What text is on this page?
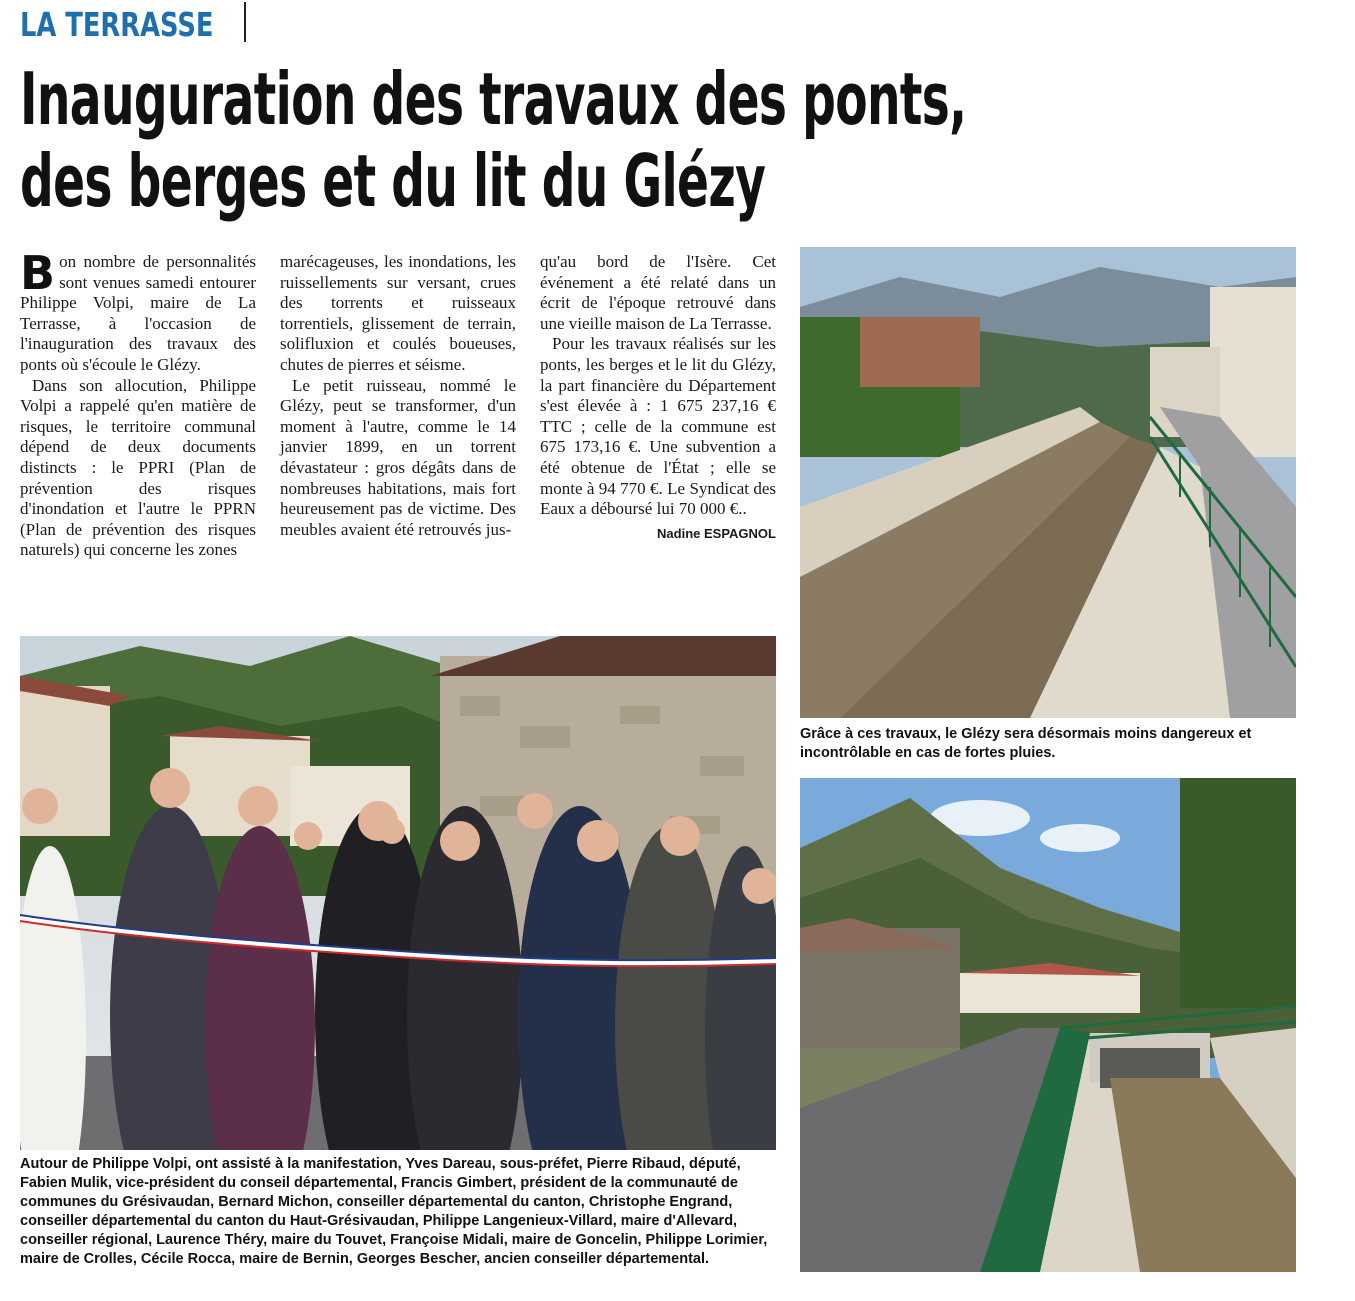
LA TERRASSE
Inauguration des travaux des ponts,
des berges et du lit du Glézy

Bon nombre de personnalités sont venues samedi entourer Philippe Volpi, maire de La Terrasse, à l'occasion de l'inauguration des travaux des ponts où s'écoule le Glézy.

Dans son allocution, Philippe Volpi a rappelé qu'en matière de risques, le territoire communal dépend de deux documents distincts : le PPRI (Plan de prévention des risques d'inondation et l'autre le PPRN (Plan de prévention des risques naturels) qui concerne les zones

marécageuses, les inondations, les ruissellements sur versant, crues des torrents et ruisseaux torrentiels, glissement de terrain, solifluxion et coulés boueuses, chutes de pierres et séisme.

Le petit ruisseau, nommé le Glézy, peut se transformer, d'un moment à l'autre, comme le 14 janvier 1899, en un torrent dévastateur : gros dégâts dans de nombreuses habitations, mais fort heureusement pas de victime. Des meubles avaient été retrouvés jus-

qu'au bord de l'Isère. Cet événement a été relaté dans un écrit de l'époque retrouvé dans une vieille maison de La Terrasse.

Pour les travaux réalisés sur les ponts, les berges et le lit du Glézy, la part financière du Département s'est élevée à : 1 675 237,16 € TTC ; celle de la commune est 675 173,16 €. Une subvention a été obtenue de l'État ; elle se monte à 94 770 €. Le Syndicat des Eaux a déboursé lui 70 000 €..

Nadine ESPAGNOL
Autour de Philippe Volpi, ont assisté à la manifestation, Yves Dareau, sous-préfet, Pierre Ribaud, député, Fabien Mulik, vice-président du conseil départemental, Francis Gimbert, président de la communauté de communes du Grésivaudan, Bernard Michon, conseiller départemental du canton, Christophe Engrand, conseiller départemental du canton du Haut-Grésivaudan, Philippe Langenieux-Villard, maire d'Allevard, conseiller régional, Laurence Théry, maire du Touvet, Françoise Midali, maire de Goncelin, Philippe Lorimier, maire de Crolles, Cécile Rocca, maire de Bernin, Georges Bescher, ancien conseiller départemental.
Grâce à ces travaux, le Glézy sera désormais moins dangereux et incontrôlable en cas de fortes pluies.
